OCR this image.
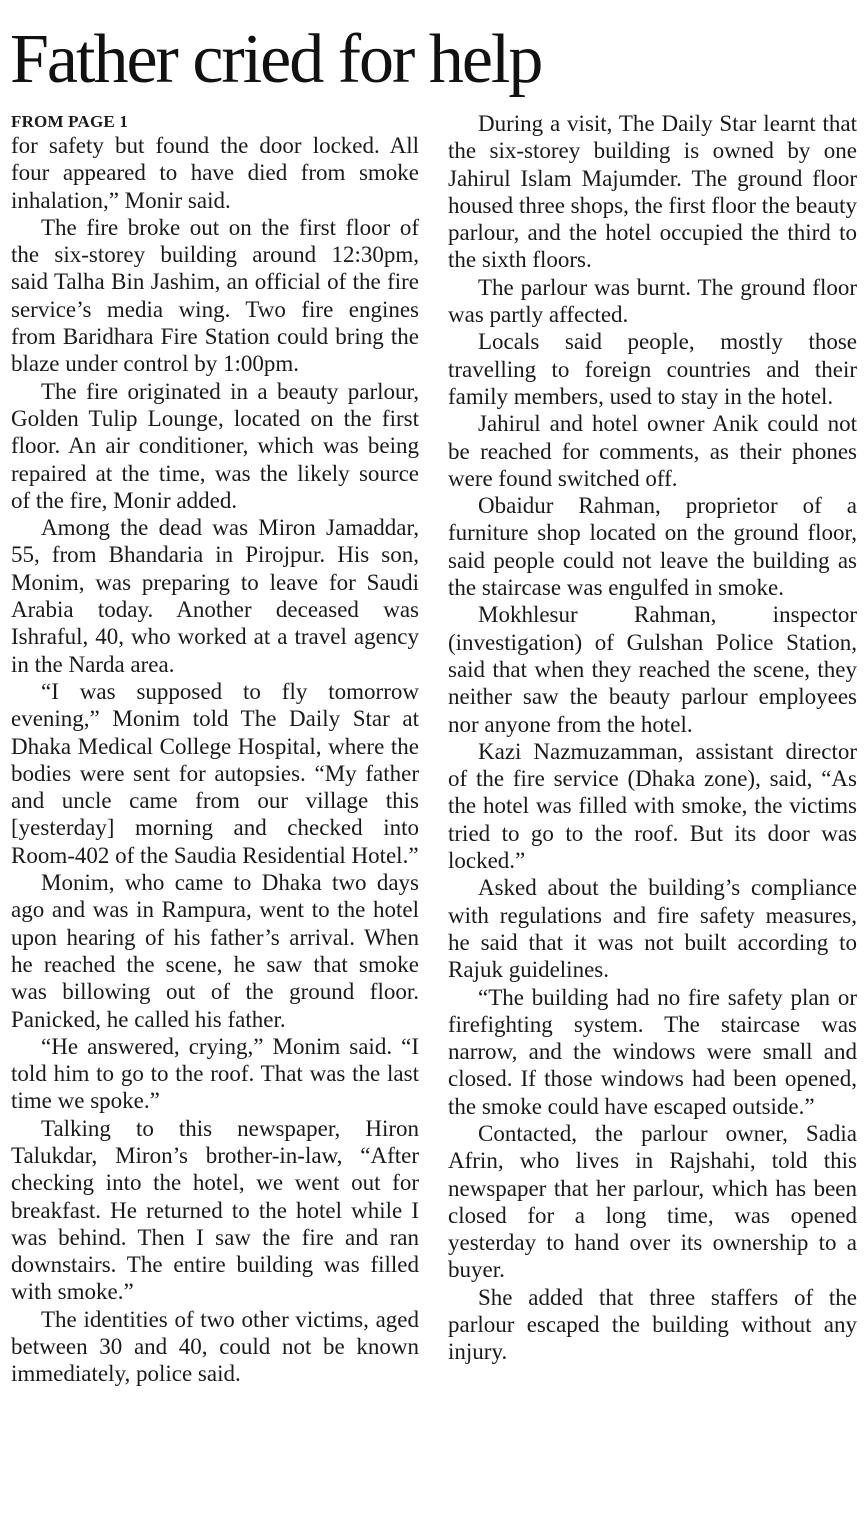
Father cried for help
FROM PAGE 1

for safety but found the door locked. All four appeared to have died from smoke inhalation,” Monir said.

The fire broke out on the first floor of the six-storey building around 12:30pm, said Talha Bin Jashim, an official of the fire service’s media wing. Two fire engines from Baridhara Fire Station could bring the blaze under control by 1:00pm.

The fire originated in a beauty parlour, Golden Tulip Lounge, located on the first floor. An air conditioner, which was being repaired at the time, was the likely source of the fire, Monir added.

Among the dead was Miron Jamaddar, 55, from Bhandaria in Pirojpur. His son, Monim, was preparing to leave for Saudi Arabia today. Another deceased was Ishraful, 40, who worked at a travel agency in the Narda area.

“I was supposed to fly tomorrow evening,” Monim told The Daily Star at Dhaka Medical College Hospital, where the bodies were sent for autopsies. “My father and uncle came from our village this [yesterday] morning and checked into Room-402 of the Saudia Residential Hotel.”

Monim, who came to Dhaka two days ago and was in Rampura, went to the hotel upon hearing of his father’s arrival. When he reached the scene, he saw that smoke was billowing out of the ground floor. Panicked, he called his father.

“He answered, crying,” Monim said. “I told him to go to the roof. That was the last time we spoke.”

Talking to this newspaper, Hiron Talukdar, Miron’s brother-in-law, “After checking into the hotel, we went out for breakfast. He returned to the hotel while I was behind. Then I saw the fire and ran downstairs. The entire building was filled with smoke.”

The identities of two other victims, aged between 30 and 40, could not be known immediately, police said.

During a visit, The Daily Star learnt that the six-storey building is owned by one Jahirul Islam Majumder. The ground floor housed three shops, the first floor the beauty parlour, and the hotel occupied the third to the sixth floors.

The parlour was burnt. The ground floor was partly affected.

Locals said people, mostly those travelling to foreign countries and their family members, used to stay in the hotel.

Jahirul and hotel owner Anik could not be reached for comments, as their phones were found switched off.

Obaidur Rahman, proprietor of a furniture shop located on the ground floor, said people could not leave the building as the staircase was engulfed in smoke.

Mokhlesur Rahman, inspector (investigation) of Gulshan Police Station, said that when they reached the scene, they neither saw the beauty parlour employees nor anyone from the hotel.

Kazi Nazmuzamman, assistant director of the fire service (Dhaka zone), said, “As the hotel was filled with smoke, the victims tried to go to the roof. But its door was locked.”

Asked about the building’s compliance with regulations and fire safety measures, he said that it was not built according to Rajuk guidelines.

“The building had no fire safety plan or firefighting system. The staircase was narrow, and the windows were small and closed. If those windows had been opened, the smoke could have escaped outside.”

Contacted, the parlour owner, Sadia Afrin, who lives in Rajshahi, told this newspaper that her parlour, which has been closed for a long time, was opened yesterday to hand over its ownership to a buyer.

She added that three staffers of the parlour escaped the building without any injury.
